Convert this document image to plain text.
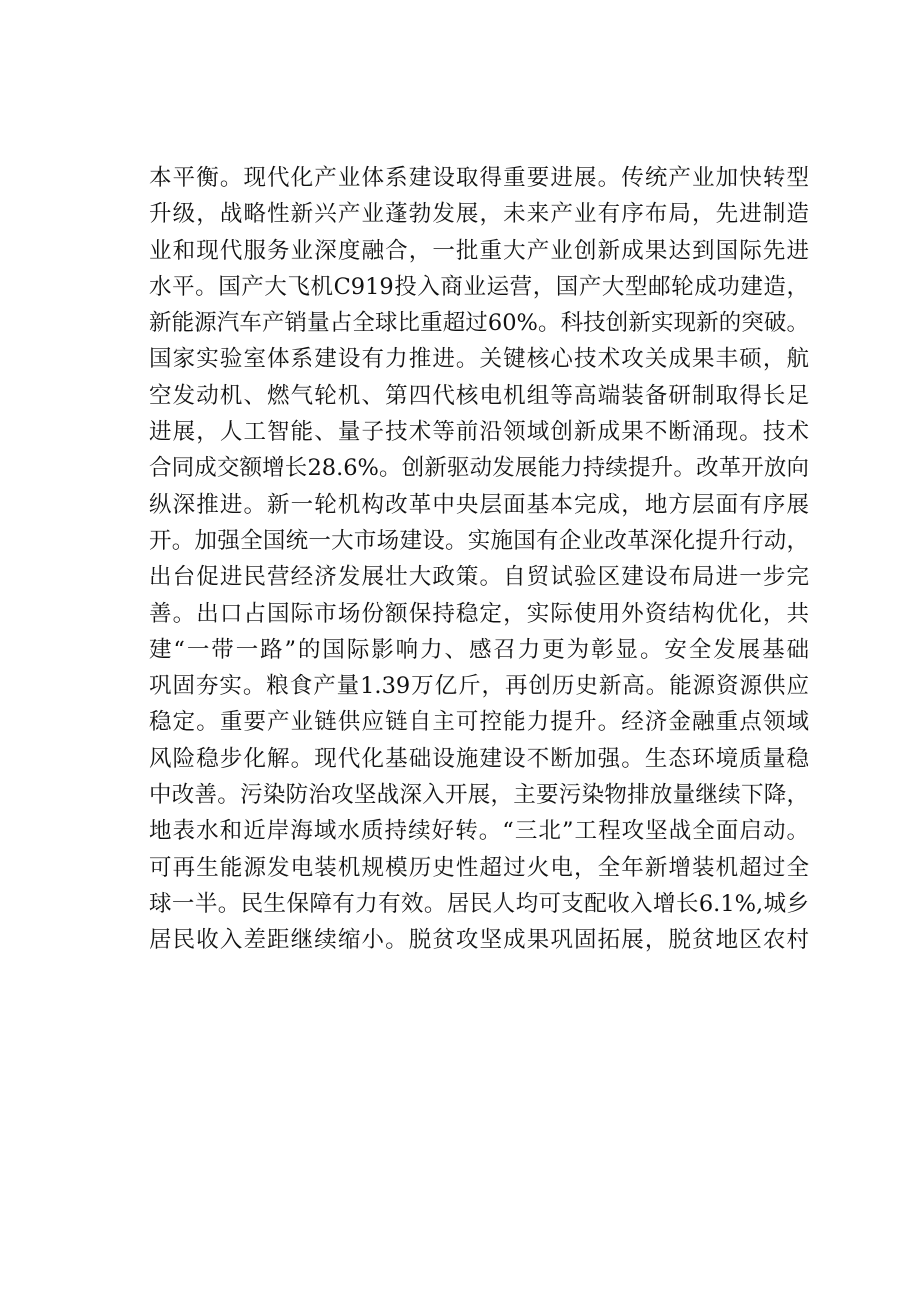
本平衡。现代化产业体系建设取得重要进展。传统产业加快转型
升级，战略性新兴产业蓬勃发展，未来产业有序布局，先进制造
业和现代服务业深度融合，一批重大产业创新成果达到国际先进
水平。国产大飞机C919投入商业运营，国产大型邮轮成功建造，
新能源汽车产销量占全球比重超过60%。科技创新实现新的突破。
国家实验室体系建设有力推进。关键核心技术攻关成果丰硕，航
空发动机、燃气轮机、第四代核电机组等高端装备研制取得长足
进展，人工智能、量子技术等前沿领域创新成果不断涌现。技术
合同成交额增长28.6%。创新驱动发展能力持续提升。改革开放向
纵深推进。新一轮机构改革中央层面基本完成，地方层面有序展
开。加强全国统一大市场建设。实施国有企业改革深化提升行动，
出台促进民营经济发展壮大政策。自贸试验区建设布局进一步完
善。出口占国际市场份额保持稳定，实际使用外资结构优化，共
建“一带一路”的国际影响力、感召力更为彰显。安全发展基础
巩固夯实。粮食产量1.39万亿斤，再创历史新高。能源资源供应
稳定。重要产业链供应链自主可控能力提升。经济金融重点领域
风险稳步化解。现代化基础设施建设不断加强。生态环境质量稳
中改善。污染防治攻坚战深入开展，主要污染物排放量继续下降，
地表水和近岸海域水质持续好转。“三北”工程攻坚战全面启动。
可再生能源发电装机规模历史性超过火电，全年新增装机超过全
球一半。民生保障有力有效。居民人均可支配收入增长6.1%,城乡
居民收入差距继续缩小。脱贫攻坚成果巩固拓展，脱贫地区农村
